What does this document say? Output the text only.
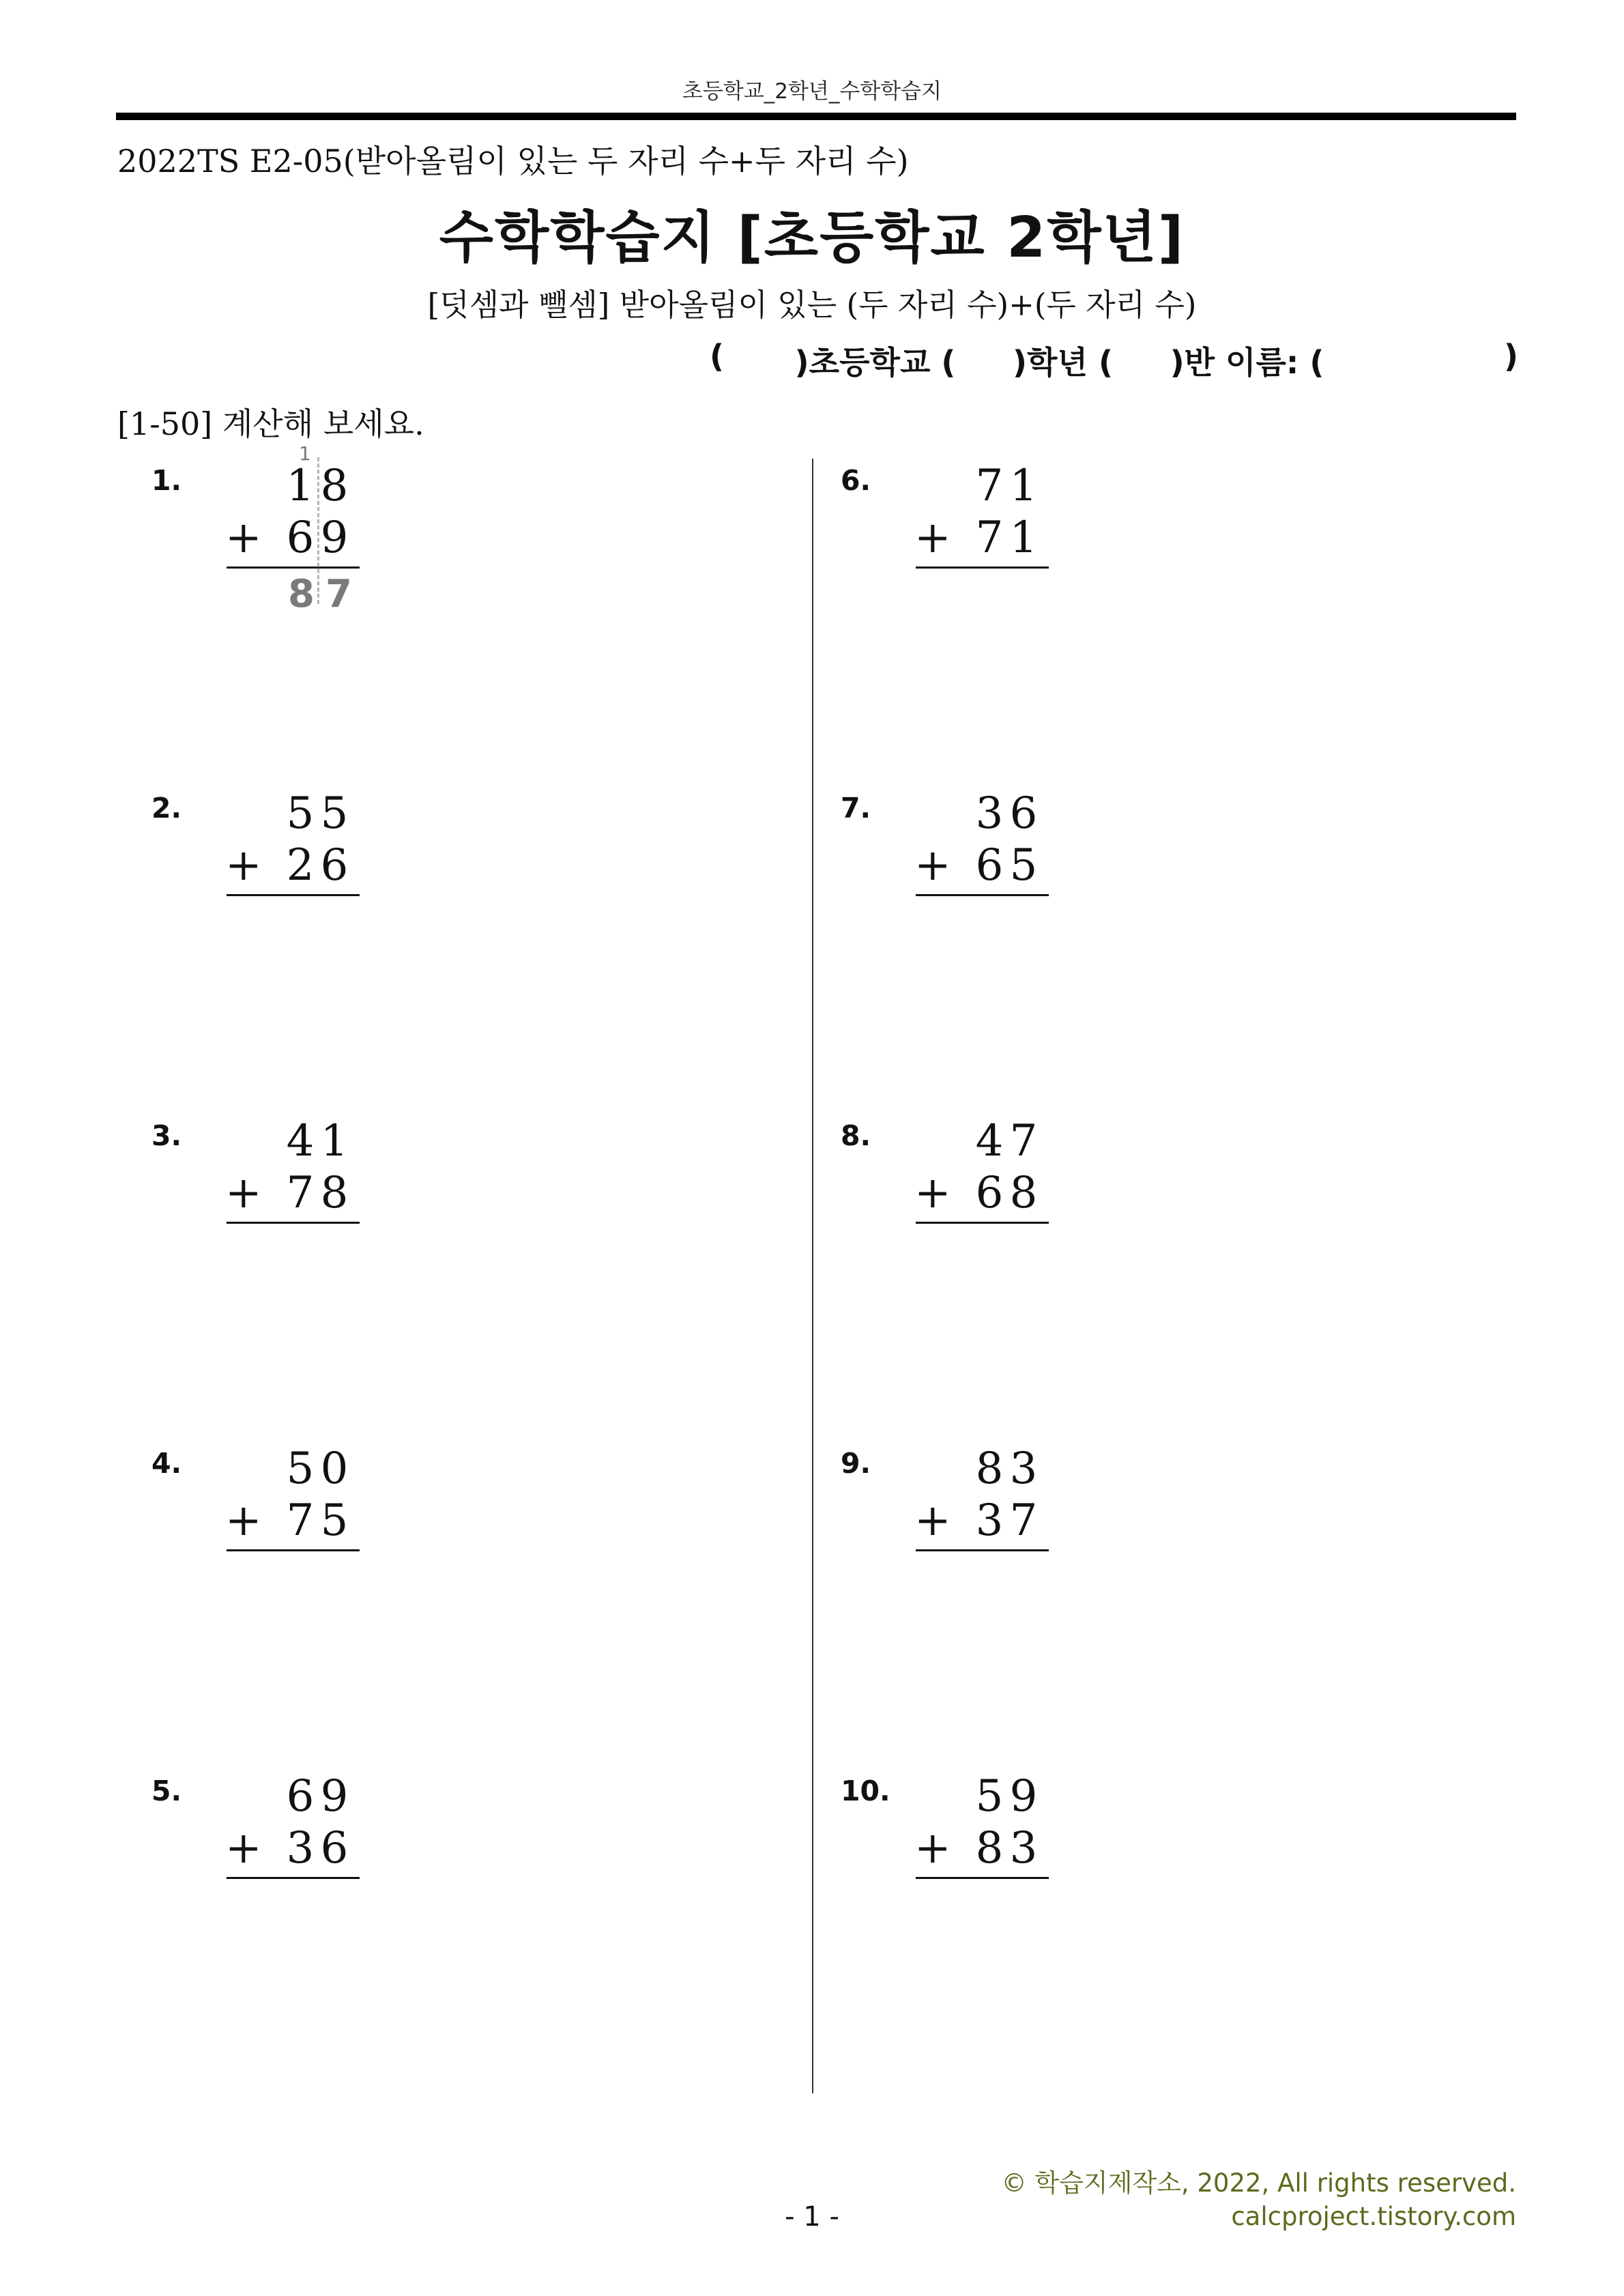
초등학교_2학년_수학학습지
2022TS E2-05(받아올림이 있는 두 자리 수+두 자리 수)
수학학습지 [초등학교 2학년]
[덧셈과 뺄셈] 받아올림이 있는 (두 자리 수)+(두 자리 수)
( )초등학교 ( )학년 ( )반 이름: (	)
[1-50] 계산해 보세요.
1. 1 8
6 9
+
1
8 7
2. 5 5
2 6
+
3. 4 1
7 8
+
4. 5 0
7 5
+
5. 6 9
3 6
+
6. 7 1
7 1
+
7. 3 6
6 5
+
8. 4 7
6 8
+
9. 8 3
3 7
+
10. 5 9
8 3
+
© 학습지제작소, 2022, All rights reserved.
calcproject.tistory.com
- 1 -
